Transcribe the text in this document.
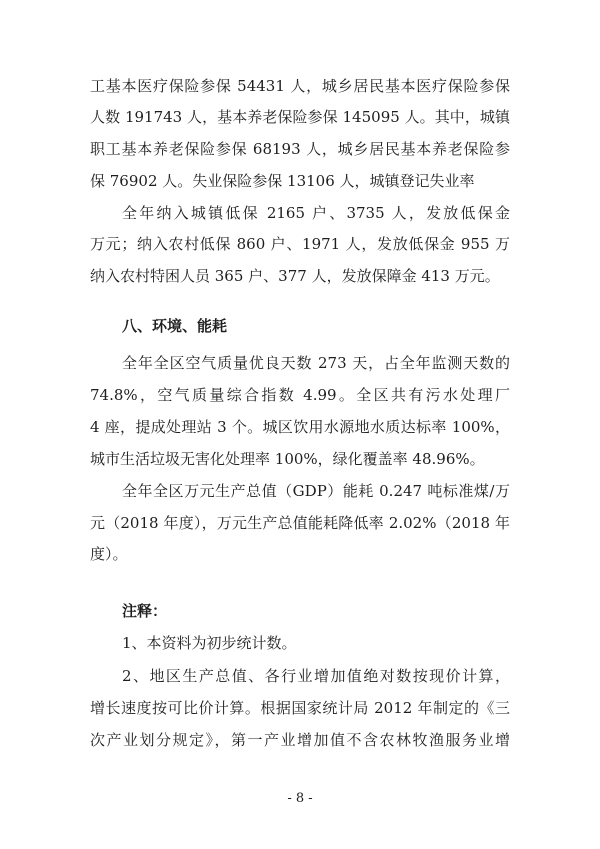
工基本医疗保险参保 54431 人，城乡居民基本医疗保险参保
人数 191743 人，基本养老保险参保 145095 人。其中，城镇
职工基本养老保险参保 68193 人，城乡居民基本养老保险参
保 76902 人。失业保险参保 13106 人，城镇登记失业率
全年纳入城镇低保 2165 户、3735 人，发放低保金
万元；纳入农村低保 860 户、1971 人，发放低保金 955 万
纳入农村特困人员 365 户、377 人，发放保障金 413 万元。
八、环境、能耗
全年全区空气质量优良天数 273 天，占全年监测天数的
74.8%，空气质量综合指数 4.99。全区共有污水处理厂
4 座，提成处理站 3 个。城区饮用水源地水质达标率 100%，
城市生活垃圾无害化处理率 100%，绿化覆盖率 48.96%。
全年全区万元生产总值（GDP）能耗 0.247 吨标准煤/万
元（2018 年度），万元生产总值能耗降低率 2.02%（2018 年
度）。
注释：
1、本资料为初步统计数。
2、地区生产总值、各行业增加值绝对数按现价计算，
增长速度按可比价计算。根据国家统计局 2012 年制定的《三
次产业划分规定》，第一产业增加值不含农林牧渔服务业增
- 8 -
